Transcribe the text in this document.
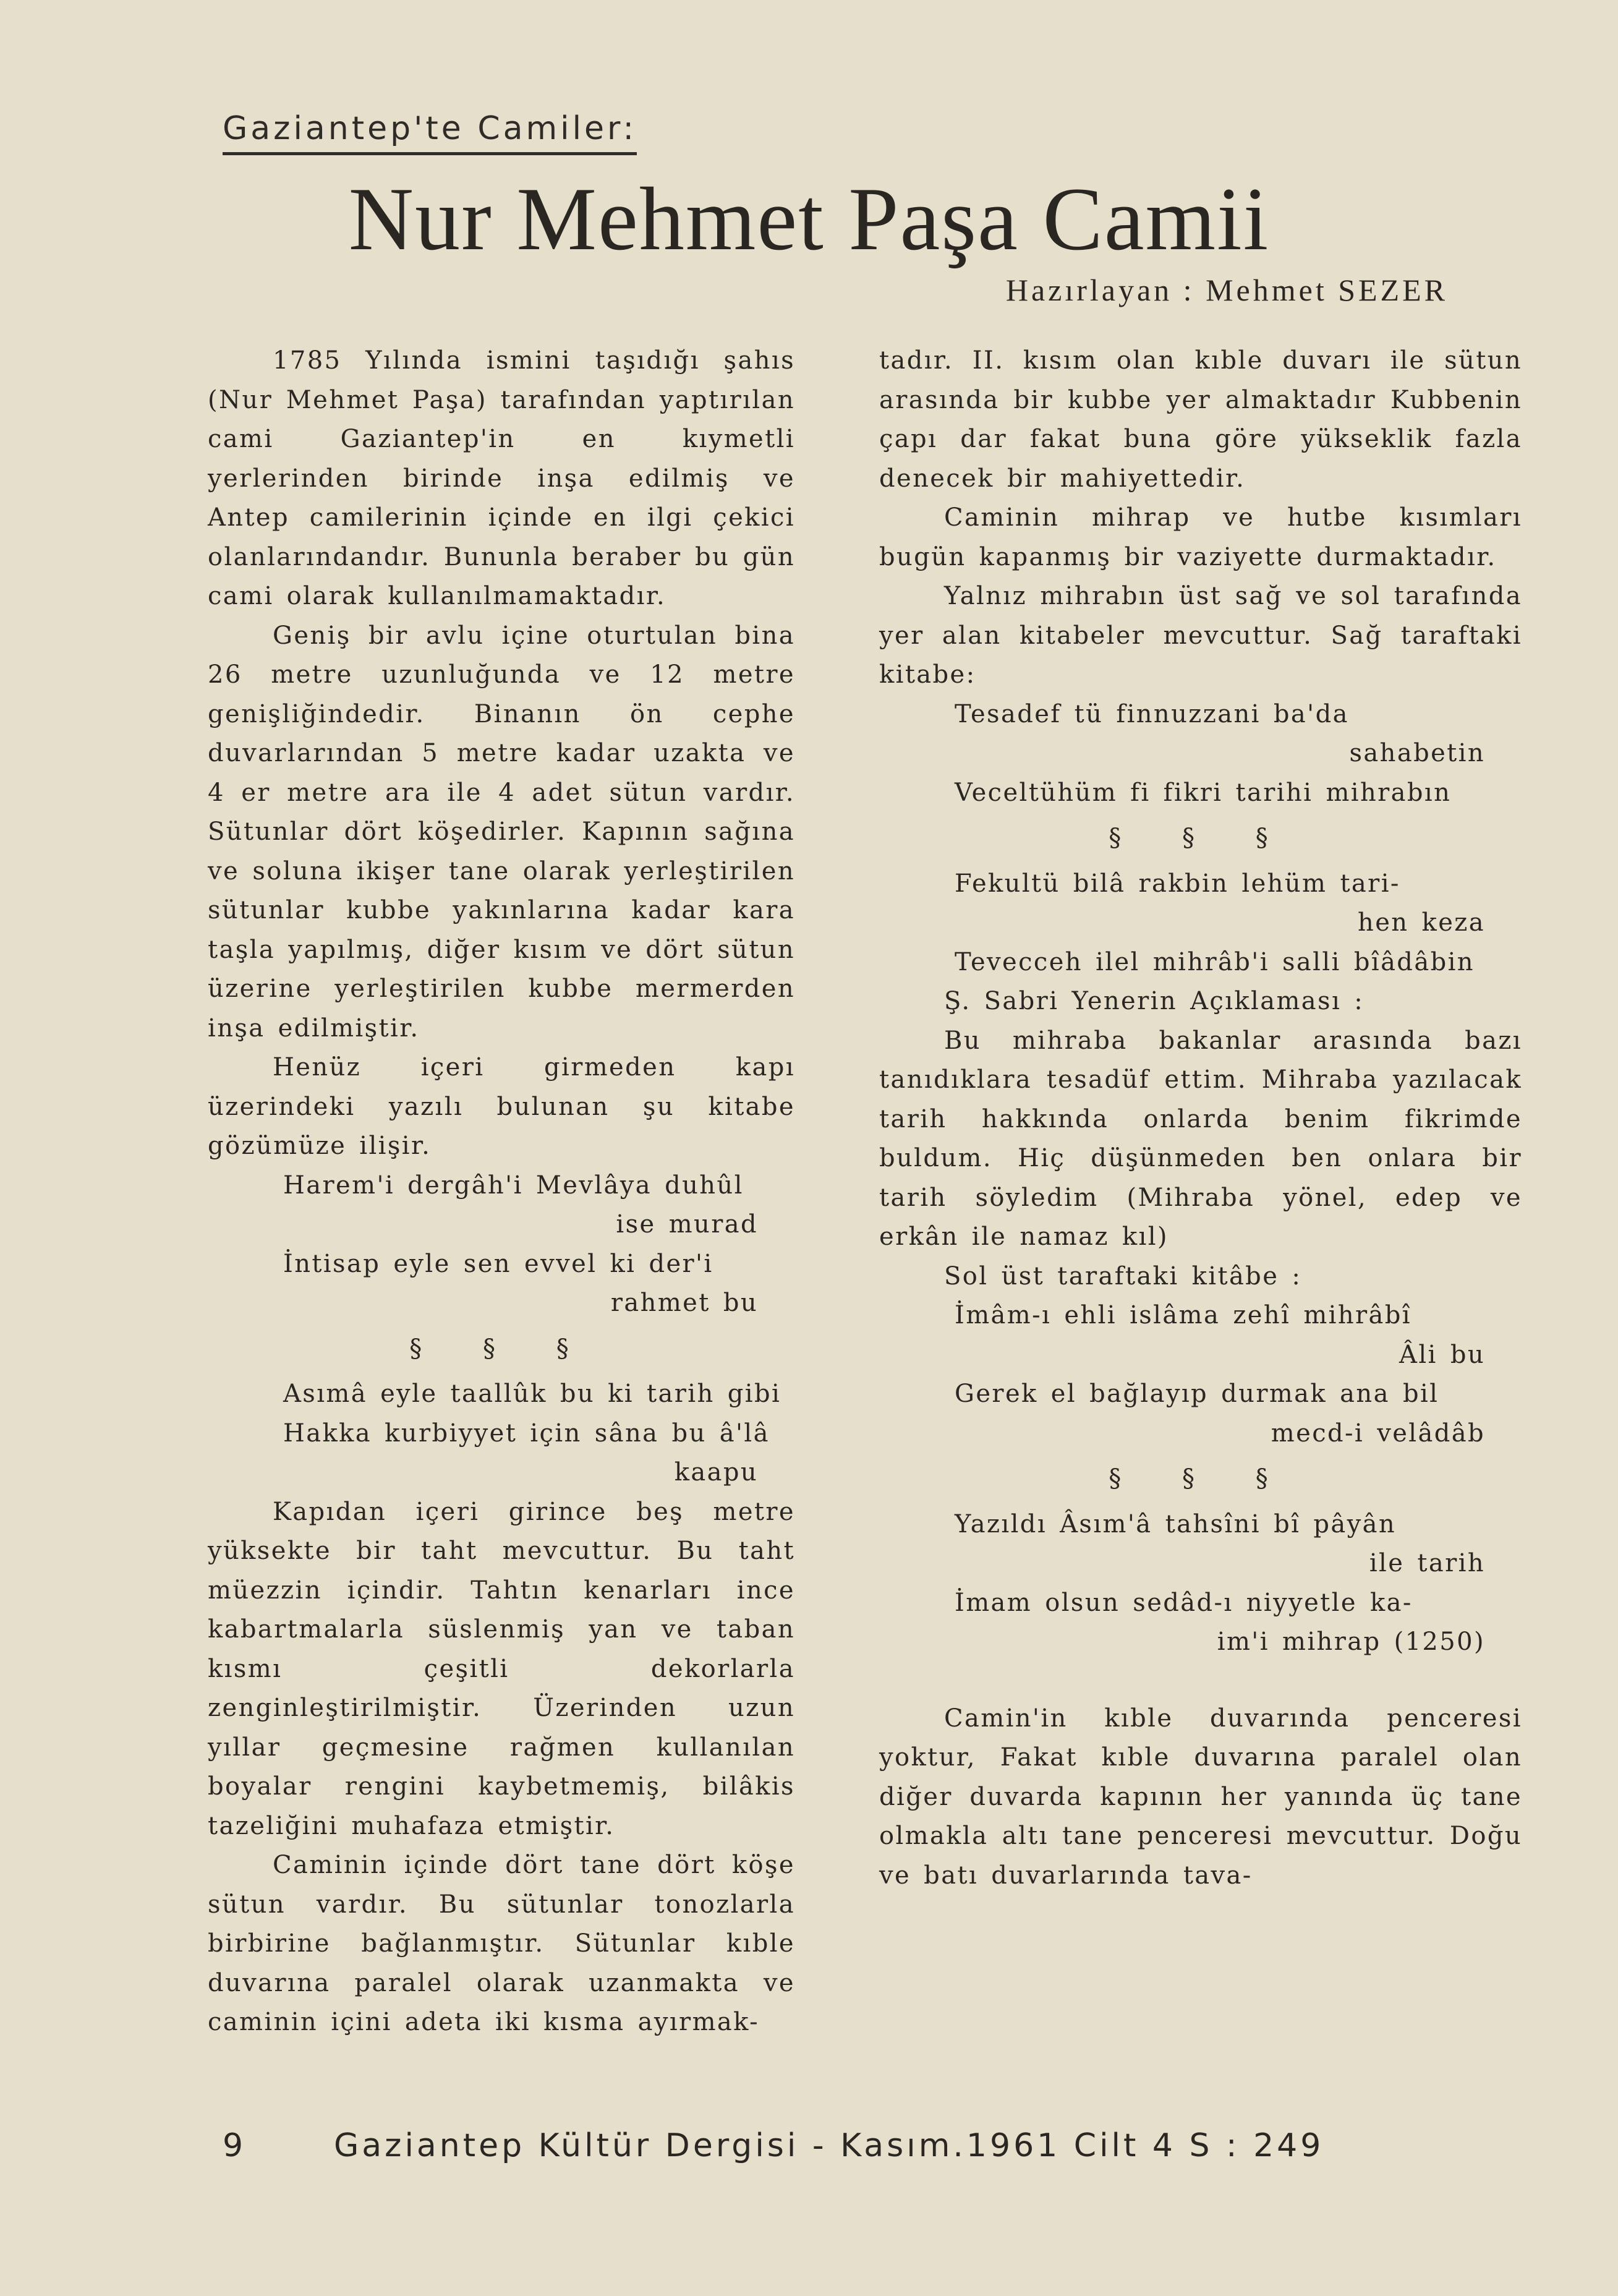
Gaziantep'te Camiler:
Nur Mehmet Paşa Camii
Hazırlayan : Mehmet SEZER

1785 Yılında ismini taşıdığı şahıs (Nur Mehmet Paşa) tarafından yaptırılan cami Gaziantep'in en kıymetli yerlerinden birinde inşa edilmiş ve Antep camilerinin içinde en ilgi çekici olanlarındandır. Bununla beraber bu gün cami olarak kullanılmamaktadır.

Geniş bir avlu içine oturtulan bina 26 metre uzunluğunda ve 12 metre genişliğindedir. Binanın ön cephe duvarlarından 5 metre kadar uzakta ve 4 er metre ara ile 4 adet sütun vardır. Sütunlar dört köşedirler. Kapının sağına ve soluna ikişer tane olarak yerleştirilen sütunlar kubbe yakınlarına kadar kara taşla yapılmış, diğer kısım ve dört sütun üzerine yerleştirilen kubbe mermerden inşa edilmiştir.

Henüz içeri girmeden kapı üzerindeki yazılı bulunan şu kitabe gözümüze ilişir.

Harem'i dergâh'i Mevlâya duhûl
ise murad
İntisap eyle sen evvel ki der'i
rahmet bu
§ § §
Asımâ eyle taallûk bu ki tarih gibi
Hakka kurbiyyet için sâna bu â'lâ
kaapu

Kapıdan içeri girince beş metre yüksekte bir taht mevcuttur. Bu taht müezzin içindir. Tahtın kenarları ince kabartmalarla süslenmiş yan ve taban kısmı çeşitli dekorlarla zenginleştirilmiştir. Üzerinden uzun yıllar geçmesine rağmen kullanılan boyalar rengini kaybetmemiş, bilâkis tazeliğini muhafaza etmiştir.

Caminin içinde dört tane dört köşe sütun vardır. Bu sütunlar tonozlarla birbirine bağlanmıştır. Sütunlar kıble duvarına paralel olarak uzanmakta ve caminin içini adeta iki kısma ayırmak-

tadır. II. kısım olan kıble duvarı ile sütun arasında bir kubbe yer almaktadır Kubbenin çapı dar fakat buna göre yükseklik fazla denecek bir mahiyettedir.

Caminin mihrap ve hutbe kısımları bugün kapanmış bir vaziyette durmaktadır.

Yalnız mihrabın üst sağ ve sol tarafında yer alan kitabeler mevcuttur. Sağ taraftaki kitabe:

Tesadef tü finnuzzani ba'da
sahabetin
Veceltühüm fi fikri tarihi mihrabın
§ § §
Fekultü bilâ rakbin lehüm tari-
hen keza
Tevecceh ilel mihrâb'i salli bîâdâbin

Ş. Sabri Yenerin Açıklaması :

Bu mihraba bakanlar arasında bazı tanıdıklara tesadüf ettim. Mihraba yazılacak tarih hakkında onlarda benim fikrimde buldum. Hiç düşünmeden ben onlara bir tarih söyledim (Mihraba yönel, edep ve erkân ile namaz kıl)

Sol üst taraftaki kitâbe :

İmâm-ı ehli islâma zehî mihrâbî
Âli bu
Gerek el bağlayıp durmak ana bil
mecd-i velâdâb
§ § §
Yazıldı Âsım'â tahsîni bî pâyân
ile tarih
İmam olsun sedâd-ı niyyetle ka-
im'i mihrap (1250)

Camin'in kıble duvarında penceresi yoktur, Fakat kıble duvarına paralel olan diğer duvarda kapının her yanında üç tane olmakla altı tane penceresi mevcuttur. Doğu ve batı duvarlarında tava-

9	Gaziantep Kültür Dergisi - Kasım.1961 Cilt 4 S : 249
